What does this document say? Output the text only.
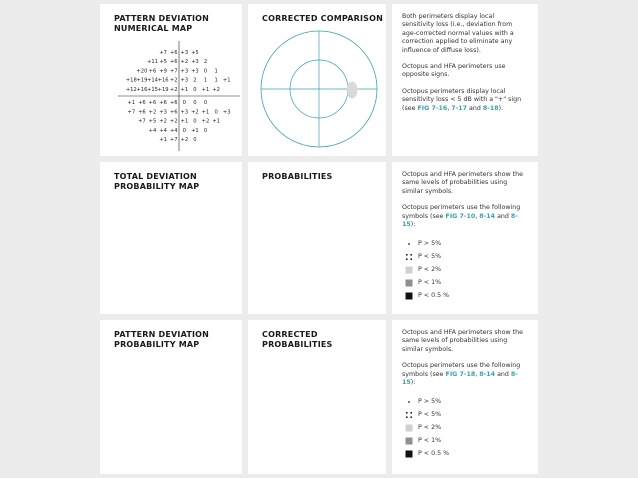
PATTERN DEVIATION
NUMERICAL MAP
+7 +6 +3 +5
+11 +5 +6 +2 +3 2
+20 +6 +9 +7 +3 +3 0 1
+18 +19 +14 +16 +2 +3 2 1 1 +1
+12 +16 +15 +19 +2 +1 0 +1 +2
+1 +6 +6 +6 +6 0 0 0
+7 +6 +2 +3 +6 +3 +2 +1 0 +3
+7 +5 +2 +2 +1 0 +2 +1
+4 +4 +4 0 +1 0
+1 +7 +2 0
CORRECTED COMPARISON	Both perimeters display local sensitivity loss (i.e., deviation from age-corrected normal values with a correction applied to eliminate any influence of diffuse loss).

Octopus and HFA perimeters use opposite signs.

Octopus perimeters display local sensitivity loss < 5 dB with a "+" sign (see FIG 7-16, 7-17 and 8-18).

TOTAL DEVIATION
PROBABILITY MAP
PROBABILITIES	Octopus and HFA perimeters show the same levels of probabilities using similar symbols.

Octopus perimeters use the following symbols (see FIG 7-10, 8-14 and 8-15):

P > 5%
P < 5%
P < 2%
P < 1%
P < 0.5 %
PATTERN DEVIATION
PROBABILITY MAP
CORRECTED PROBABILITIES

Octopus and HFA perimeters show the same levels of probabilities using similar symbols.

Octopus perimeters use the following symbols (see FIG 7-18, 8-14 and 8-15):

P > 5%
P < 5%
P < 2%
P < 1%
P < 0.5 %
